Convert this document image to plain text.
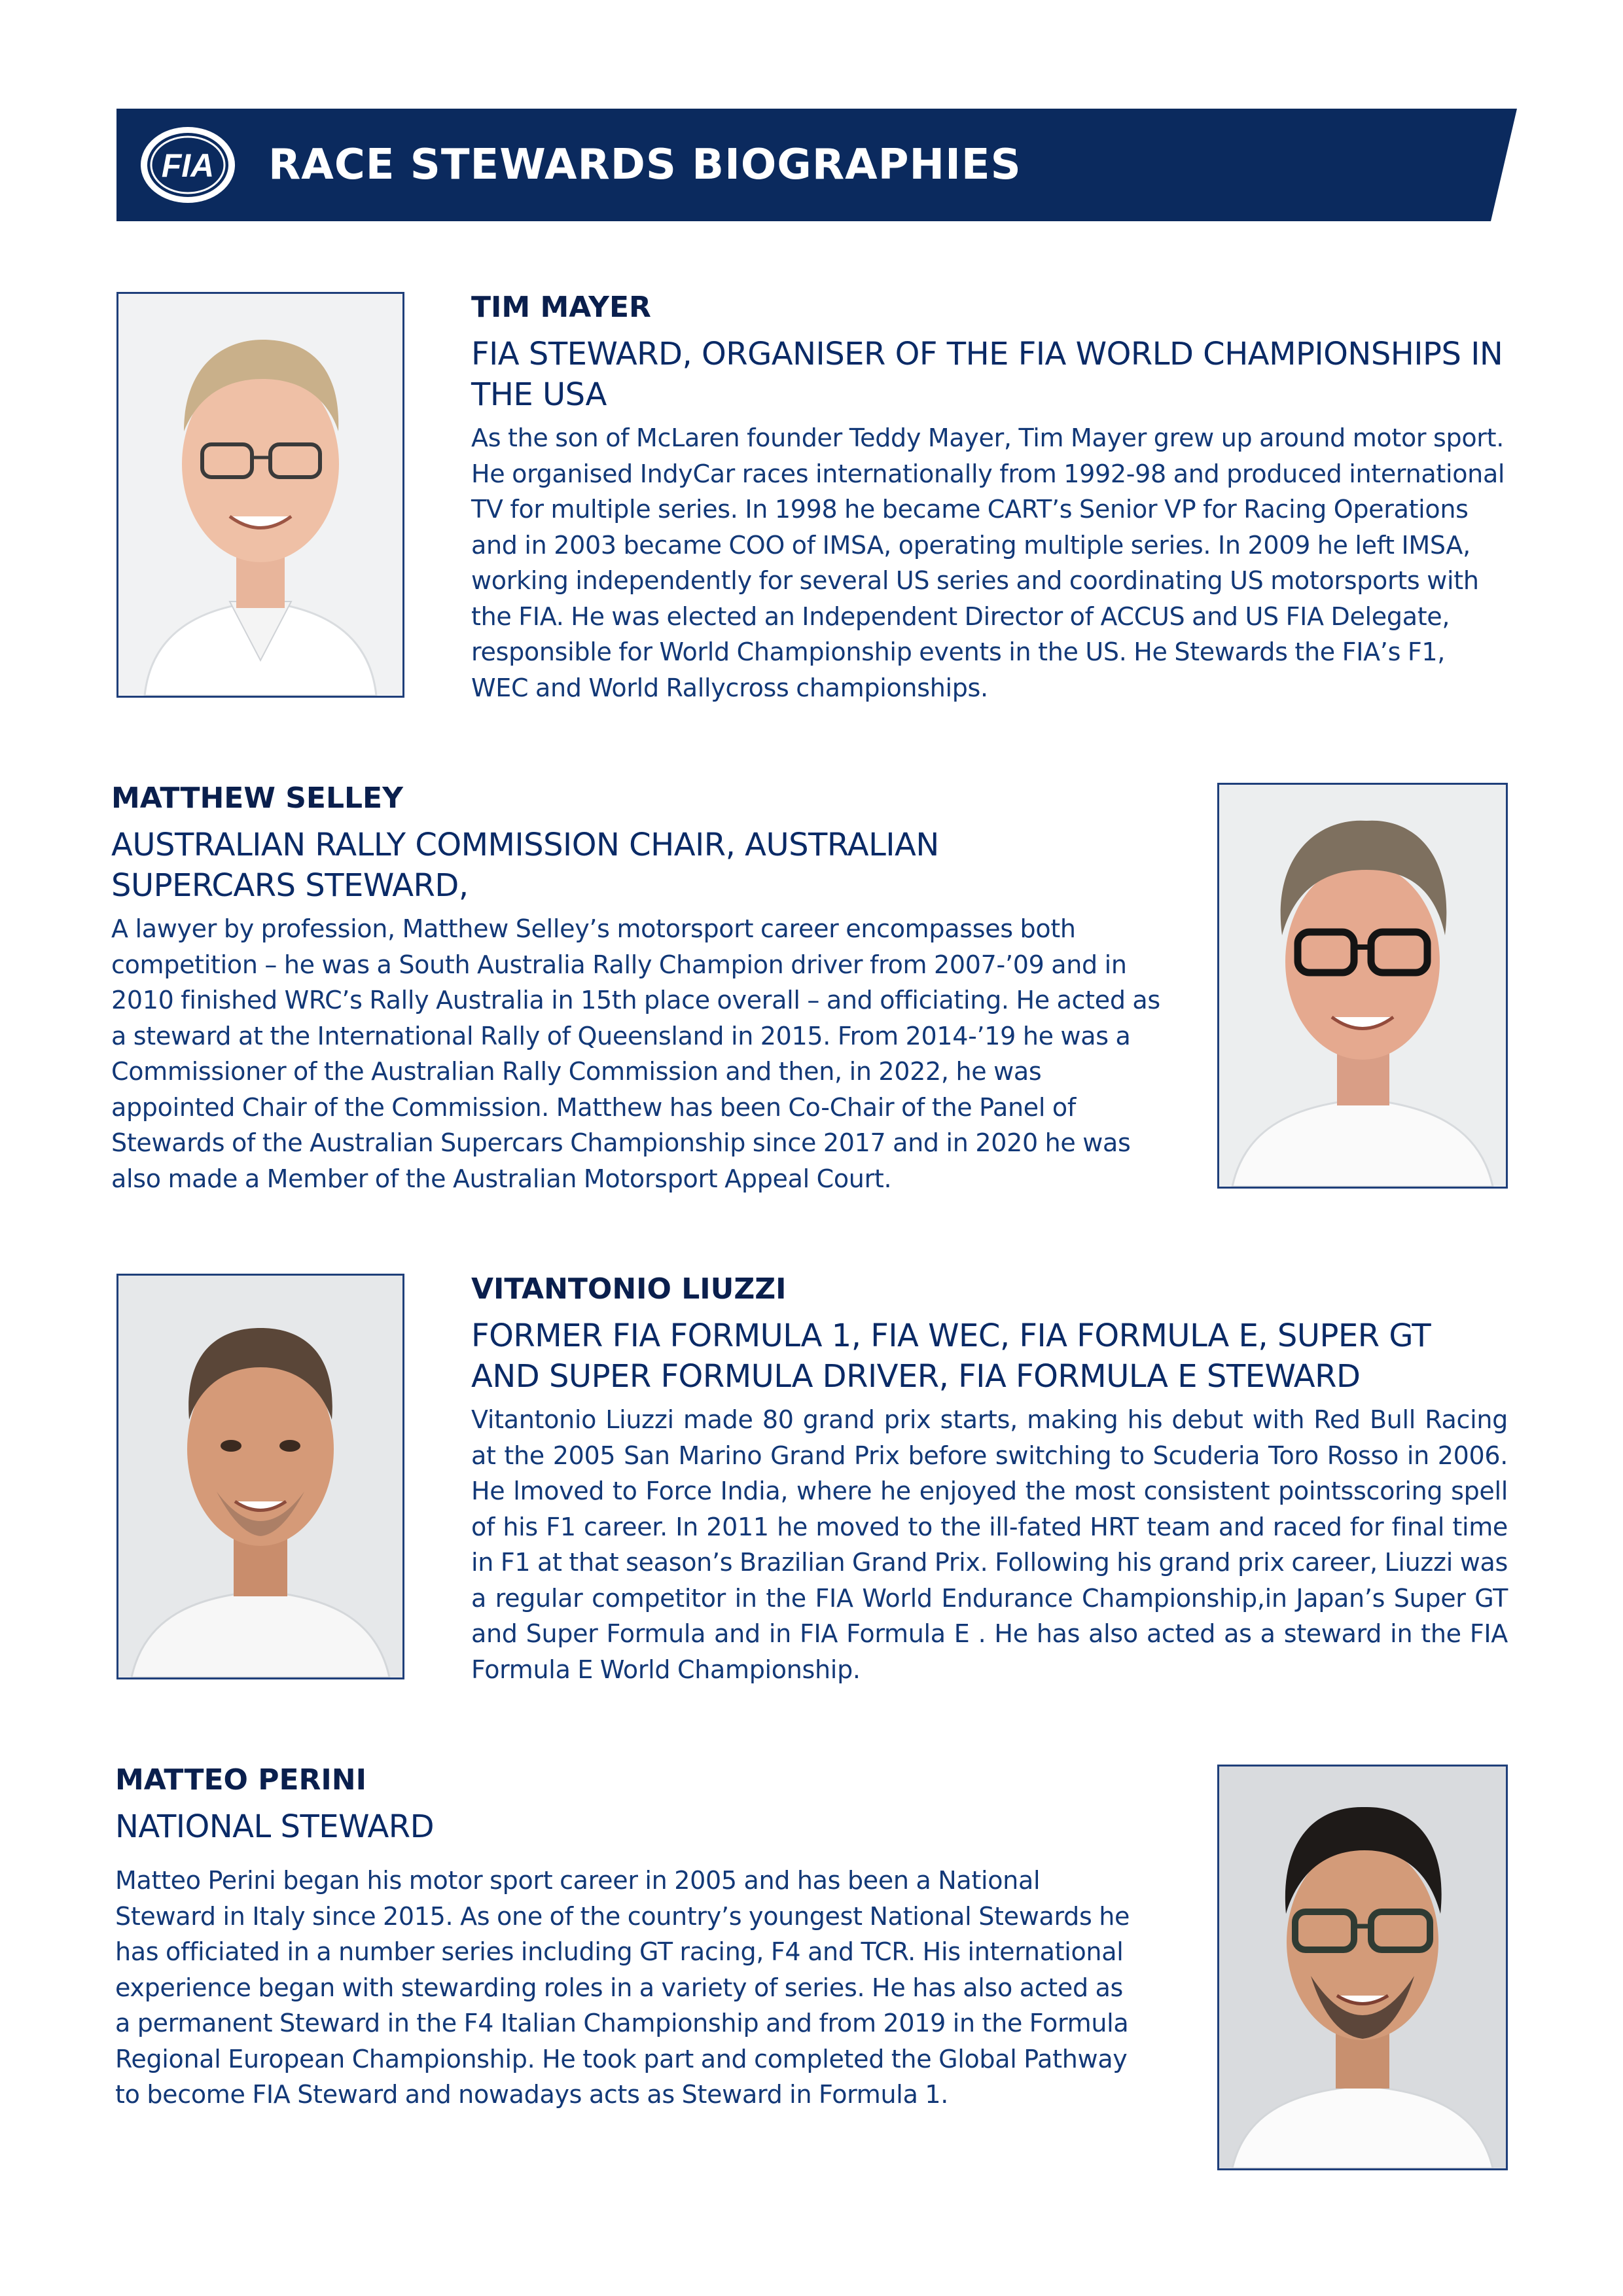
FIA RACE STEWARDS BIOGRAPHIES

TIM MAYER

FIA STEWARD, ORGANISER OF THE FIA WORLD CHAMPIONSHIPS IN THE USA

As the son of McLaren founder Teddy Mayer, Tim Mayer grew up around motor sport. He organised IndyCar races internationally from 1992-98 and produced international TV for multiple series. In 1998 he became CART’s Senior VP for Racing Operations and in 2003 became COO of IMSA, operating multiple series. In 2009 he left IMSA, working independently for several US series and coordinating US motorsports with the FIA. He was elected an Independent Director of ACCUS and US FIA Delegate, responsible for World Championship events in the US. He Stewards the FIA’s F1, WEC and World Rallycross championships.

MATTHEW SELLEY

AUSTRALIAN RALLY COMMISSION CHAIR, AUSTRALIAN SUPERCARS STEWARD,

A lawyer by profession, Matthew Selley’s motorsport career encompasses both competition – he was a South Australia Rally Champion driver from 2007-’09 and in 2010 finished WRC’s Rally Australia in 15th place overall – and officiating. He acted as a steward at the International Rally of Queensland in 2015. From 2014-’19 he was a Commissioner of the Australian Rally Commission and then, in 2022, he was appointed Chair of the Commission. Matthew has been Co-Chair of the Panel of Stewards of the Australian Supercars Championship since 2017 and in 2020 he was also made a Member of the Australian Motorsport Appeal Court.

VITANTONIO LIUZZI

FORMER FIA FORMULA 1, FIA WEC, FIA FORMULA E, SUPER GT AND SUPER FORMULA DRIVER, FIA FORMULA E STEWARD

Vitantonio Liuzzi made 80 grand prix starts, making his debut with Red Bull Racing at the 2005 San Marino Grand Prix before switching to Scuderia Toro Rosso in 2006. He lmoved to Force India, where he enjoyed the most consistent pointsscoring spell of his F1 career. In 2011 he moved to the ill-fated HRT team and raced for final time in F1 at that season’s Brazilian Grand Prix. Following his grand prix career, Liuzzi was a regular competitor in the FIA World Endurance Championship,in Japan’s Super GT and Super Formula and in FIA Formula E . He has also acted as a steward in the FIA Formula E World Championship.

MATTEO PERINI

NATIONAL STEWARD

Matteo Perini began his motor sport career in 2005 and has been a National Steward in Italy since 2015. As one of the country’s youngest National Stewards he has officiated in a number series including GT racing, F4 and TCR. His international experience began with stewarding roles in a variety of series. He has also acted as a permanent Steward in the F4 Italian Championship and from 2019 in the Formula Regional European Championship. He took part and completed the Global Pathway to become FIA Steward and nowadays acts as Steward in Formula 1.
